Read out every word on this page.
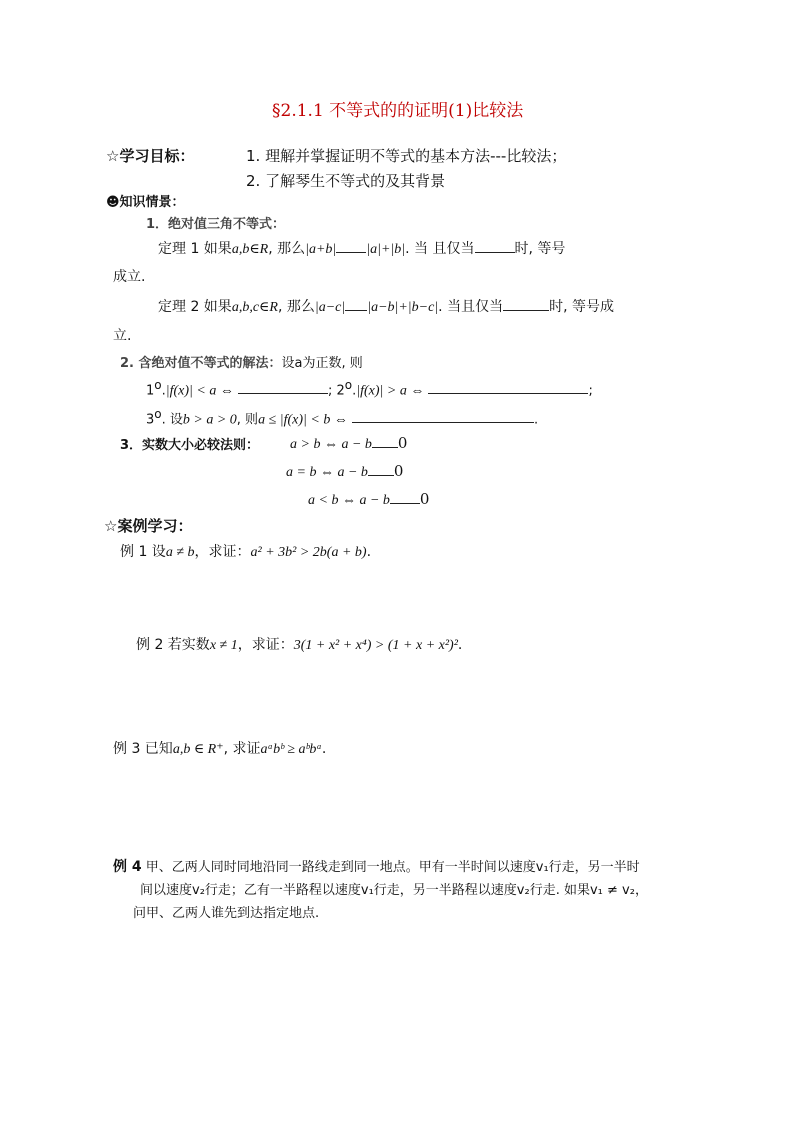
§2.1.1 不等式的的证明(1)比较法
☆学习目标：	1. 理解并掌握证明不等式的基本方法---比较法；
2. 了解琴生不等式的及其背景
☻知识情景：
1．绝对值三角不等式：
定理 1 如果a,b∈R, 那么|a+b| |a|+|b|. 当 且仅当	时, 等号
成立.
定理 2 如果a,b,c∈R, 那么|a−c| |a−b|+|b−c|. 当且仅当	时, 等号成
立.
2. 含绝对值不等式的解法：设a为正数, 则
$1^o.|f(x)| < a$ ⇔	; $2^o.|f(x)| > a$ ⇔	;
3$^o$. 设b > a > 0, 则a ≤ |f(x)| < b ⇔	.
3．实数大小必较法则： a > b ⇔ a − b 0
a = b ⇔ a − b 0
a < b ⇔ a − b 0
☆案例学习：
例 1 设a ≠ b，求证：a² + 3b² > 2b(a + b).
例 2 若实数x ≠ 1，求证：3(1 + x² + x⁴) > (1 + x + x²)².
例 3 已知a,b ∈ R⁺, 求证aᵃbᵇ ≥ aᵇbᵃ.
例 4 甲、乙两人同时同地沿同一路线走到同一地点。甲有一半时间以速度v₁行走，另一半时
间以速度v₂行走；乙有一半路程以速度v₁行走，另一半路程以速度v₂行走. 如果v₁ ≠ v₂，
问甲、乙两人谁先到达指定地点.
